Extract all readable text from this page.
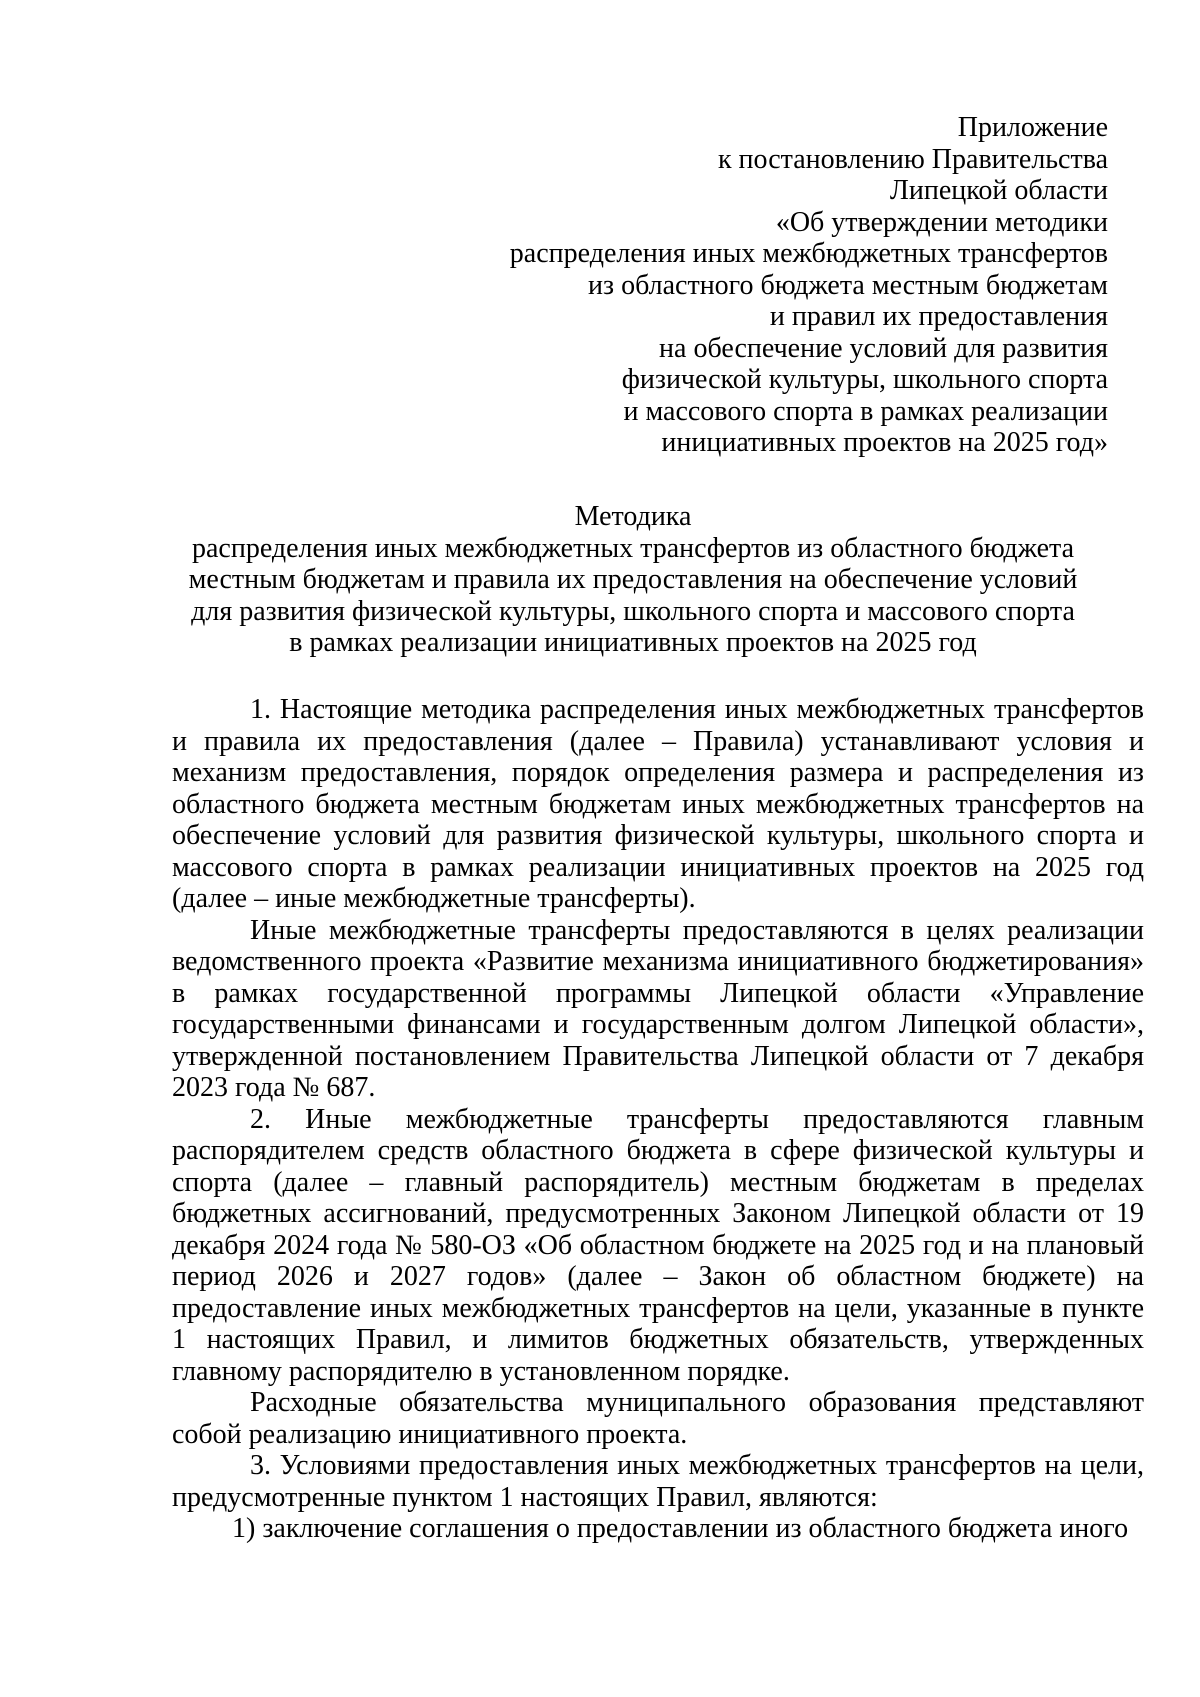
Приложение
к постановлению Правительства
Липецкой области
«Об утверждении методики
распределения иных межбюджетных трансфертов
из областного бюджета местным бюджетам
и правил их предоставления
на обеспечение условий для развития
физической культуры, школьного спорта
и массового спорта в рамках реализации
инициативных проектов на 2025 год»
Методика
распределения иных межбюджетных трансфертов из областного бюджета
местным бюджетам и правила их предоставления на обеспечение условий
для развития физической культуры, школьного спорта и массового спорта
в рамках реализации инициативных проектов на 2025 год

1. Настоящие методика распределения иных межбюджетных трансфертов и правила их предоставления (далее – Правила) устанавливают условия и механизм предоставления, порядок определения размера и распределения из областного бюджета местным бюджетам иных межбюджетных трансфертов на обеспечение условий для развития физической культуры, школьного спорта и массового спорта в рамках реализации инициативных проектов на 2025 год (далее – иные межбюджетные трансферты).

Иные межбюджетные трансферты предоставляются в целях реализации ведомственного проекта «Развитие механизма инициативного бюджетирования» в рамках государственной программы Липецкой области «Управление государственными финансами и государственным долгом Липецкой области», утвержденной постановлением Правительства Липецкой области от 7 декабря 2023 года № 687.

2. Иные межбюджетные трансферты предоставляются главным распорядителем средств областного бюджета в сфере физической культуры и спорта (далее – главный распорядитель) местным бюджетам в пределах бюджетных ассигнований, предусмотренных Законом Липецкой области от 19 декабря 2024 года № 580-ОЗ «Об областном бюджете на 2025 год и на плановый период 2026 и 2027 годов» (далее – Закон об областном бюджете) на предоставление иных межбюджетных трансфертов на цели, указанные в пункте 1 настоящих Правил, и лимитов бюджетных обязательств, утвержденных главному распорядителю в установленном порядке.

Расходные обязательства муниципального образования представляют собой реализацию инициативного проекта.

3. Условиями предоставления иных межбюджетных трансфертов на цели, предусмотренные пунктом 1 настоящих Правил, являются:

1) заключение соглашения о предоставлении из областного бюджета иного
